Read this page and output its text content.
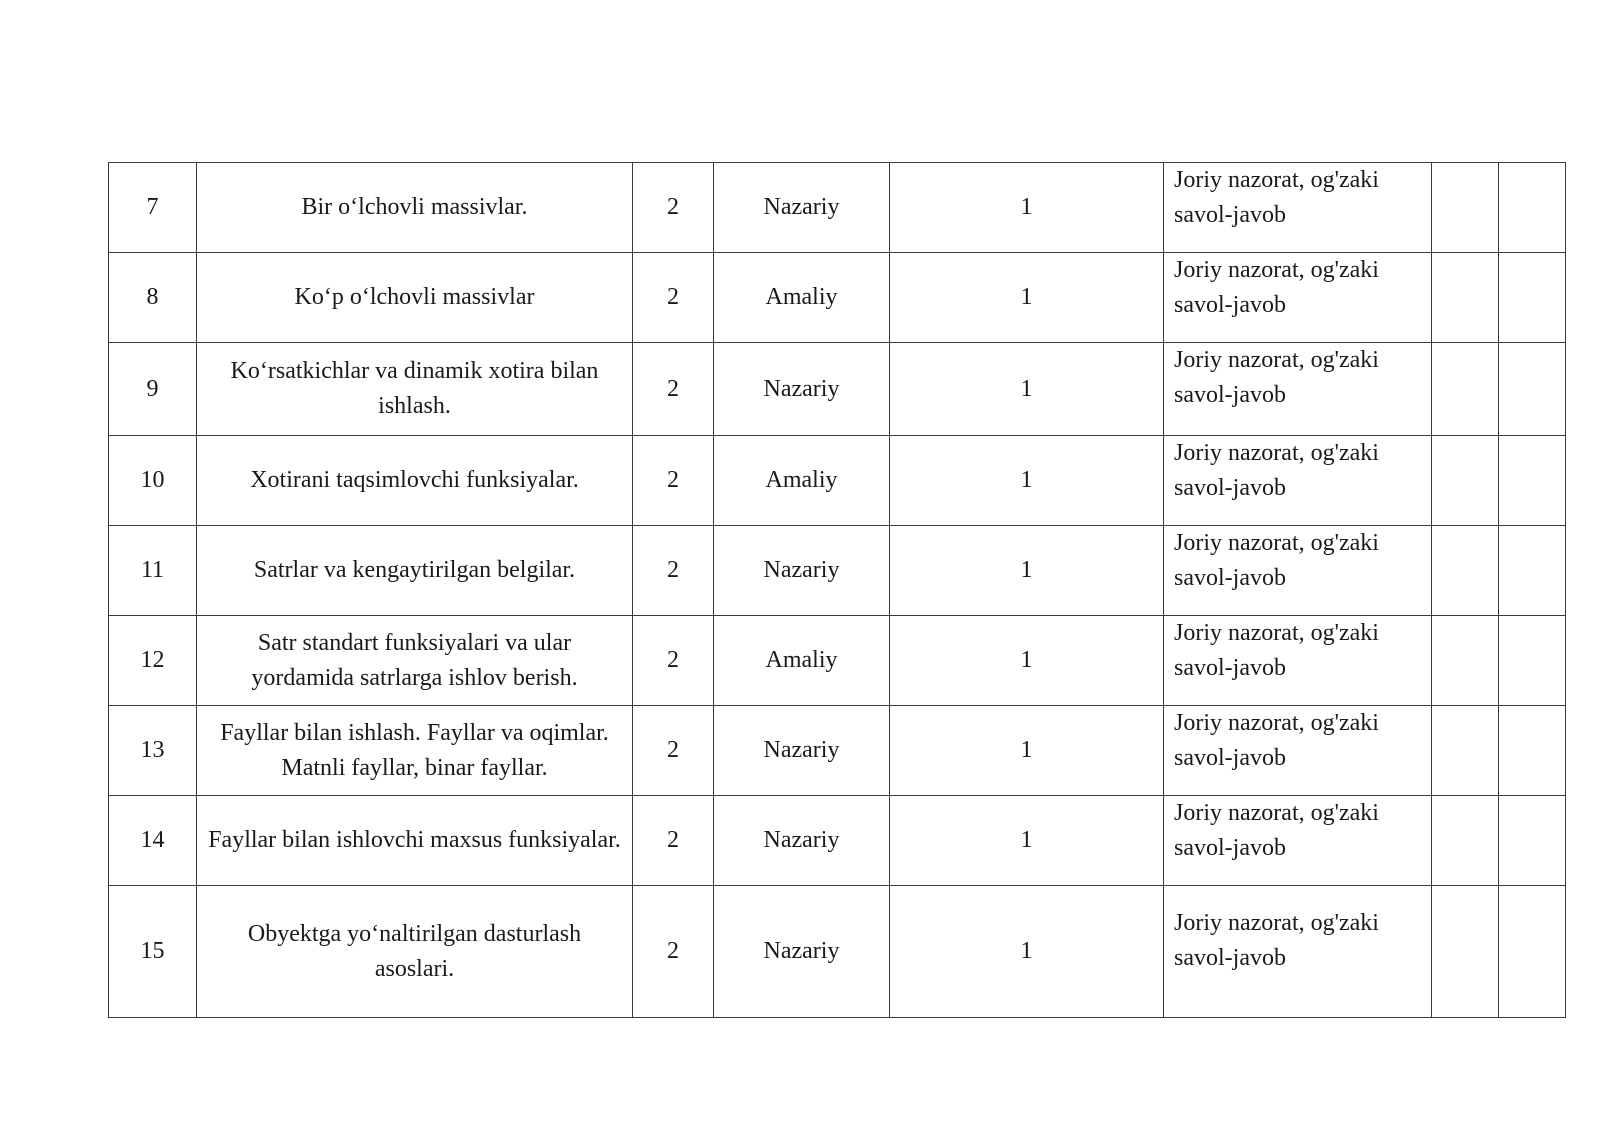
7	Bir o‘lchovli massivlar.	2	Nazariy	1	Joriy nazorat, og'zaki savol-javob		
8	Ko‘p o‘lchovli massivlar	2	Amaliy	1	Joriy nazorat, og'zaki savol-javob		
9	Ko‘rsatkichlar va dinamik xotira bilan ishlash.	2	Nazariy	1	Joriy nazorat, og'zaki savol-javob		
10	Xotirani taqsimlovchi funksiyalar.	2	Amaliy	1	Joriy nazorat, og'zaki savol-javob		
11	Satrlar va kengaytirilgan belgilar.	2	Nazariy	1	Joriy nazorat, og'zaki savol-javob		
12	Satr standart funksiyalari va ular yordamida satrlarga ishlov berish.	2	Amaliy	1	Joriy nazorat, og'zaki savol-javob		
13	Fayllar bilan ishlash. Fayllar va oqimlar. Matnli fayllar, binar fayllar.	2	Nazariy	1	Joriy nazorat, og'zaki savol-javob		
14	Fayllar bilan ishlovchi maxsus funksiyalar.	2	Nazariy	1	Joriy nazorat, og'zaki savol-javob		
15	Obyektga yo‘naltirilgan dasturlash asoslari.	2	Nazariy	1	Joriy nazorat, og'zaki savol-javob		
